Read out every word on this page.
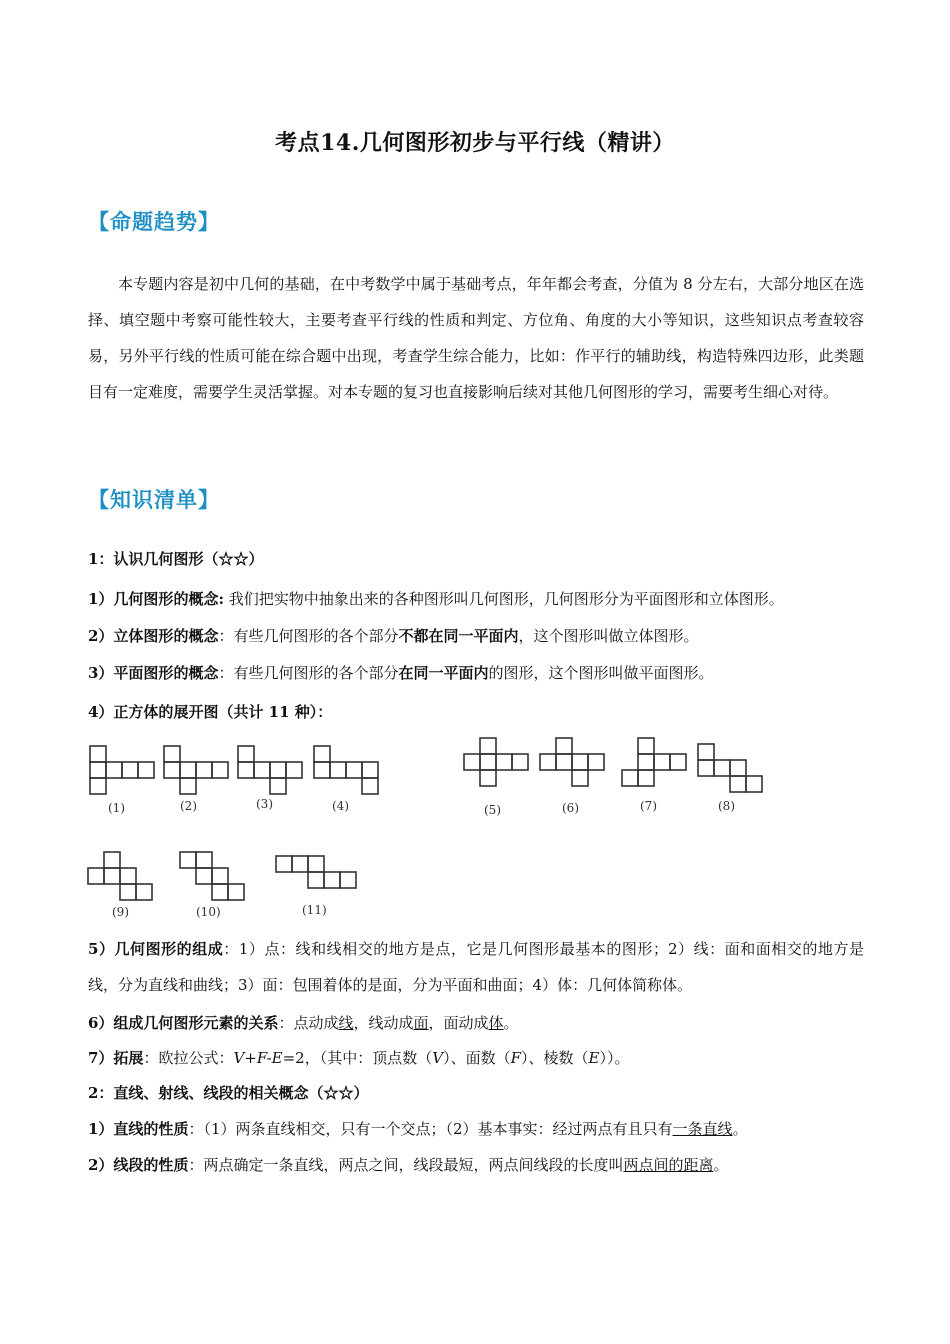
考点14.几何图形初步与平行线（精讲）
【命题趋势】
本专题内容是初中几何的基础，在中考数学中属于基础考点，年年都会考查，分值为 8 分左右，大部分地区在选择、填空题中考察可能性较大，主要考查平行线的性质和判定、方位角、角度的大小等知识，这些知识点考查较容易，另外平行线的性质可能在综合题中出现，考查学生综合能力，比如：作平行的辅助线，构造特殊四边形，此类题目有一定难度，需要学生灵活掌握。对本专题的复习也直接影响后续对其他几何图形的学习，需要考生细心对待。
【知识清单】
1：认识几何图形（☆☆）
1）几何图形的概念: 我们把实物中抽象出来的各种图形叫几何图形，几何图形分为平面图形和立体图形。
2）立体图形的概念：有些几何图形的各个部分不都在同一平面内，这个图形叫做立体图形。
3）平面图形的概念：有些几何图形的各个部分在同一平面内的图形，这个图形叫做平面图形。
4）正方体的展开图（共计 11 种）：
(1)	(2)	(3)	(4)	(5)	(6)	(7)	(8)
(9)	(10)	(11)
5）几何图形的组成：1）点：线和线相交的地方是点，它是几何图形最基本的图形；2）线：面和面相交的地方是线，分为直线和曲线；3）面：包围着体的是面，分为平面和曲面；4）体：几何体简称体。
6）组成几何图形元素的关系：点动成线，线动成面，面动成体。
7）拓展：欧拉公式：V+F-E=2，（其中：顶点数（V）、面数（F）、棱数（E））。
2：直线、射线、线段的相关概念（☆☆）
1）直线的性质：（1）两条直线相交，只有一个交点；（2）基本事实：经过两点有且只有一条直线。
2）线段的性质：两点确定一条直线，两点之间，线段最短，两点间线段的长度叫两点间的距离。
